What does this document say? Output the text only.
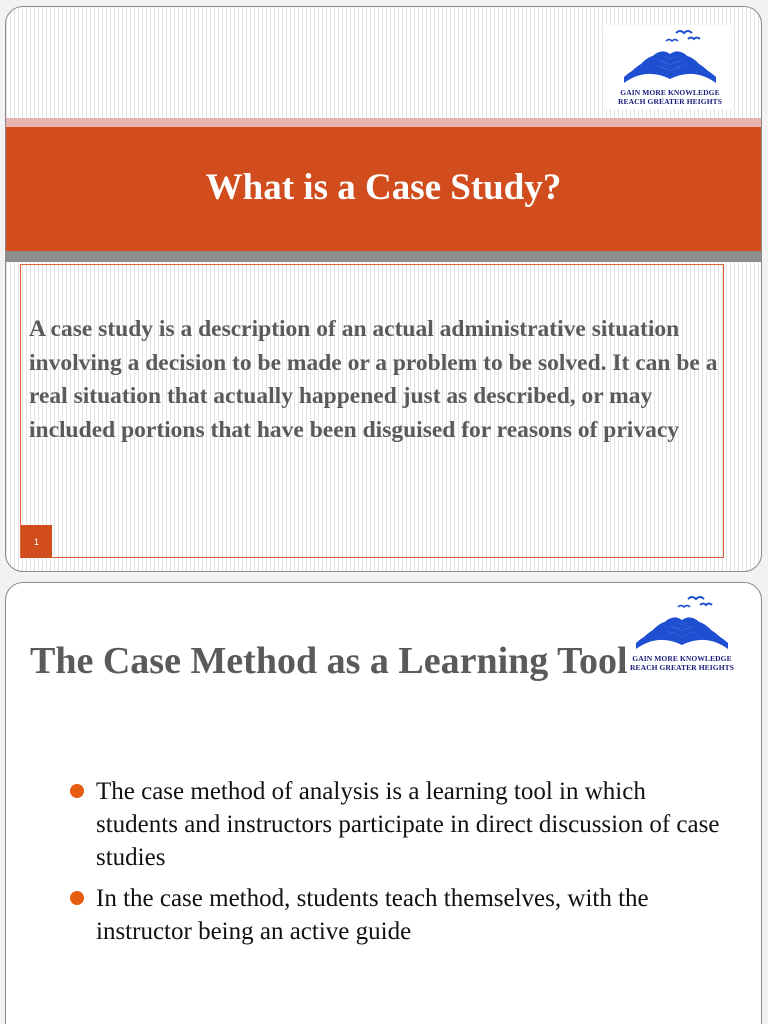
GAIN MORE KNOWLEDGE
REACH GREATER HEIGHTS
What is a Case Study?

A case study is a description of an actual administrative situation involving a decision to be made or a problem to be solved. It can be a real situation that actually happened just as described, or may included portions that have been disguised for reasons of privacy

1
GAIN MORE KNOWLEDGE
REACH GREATER HEIGHTS
The Case Method as a Learning Tool
The case method of analysis is a learning tool in which students and instructors participate in direct discussion of case studies
In the case method, students teach themselves, with the instructor being an active guide
